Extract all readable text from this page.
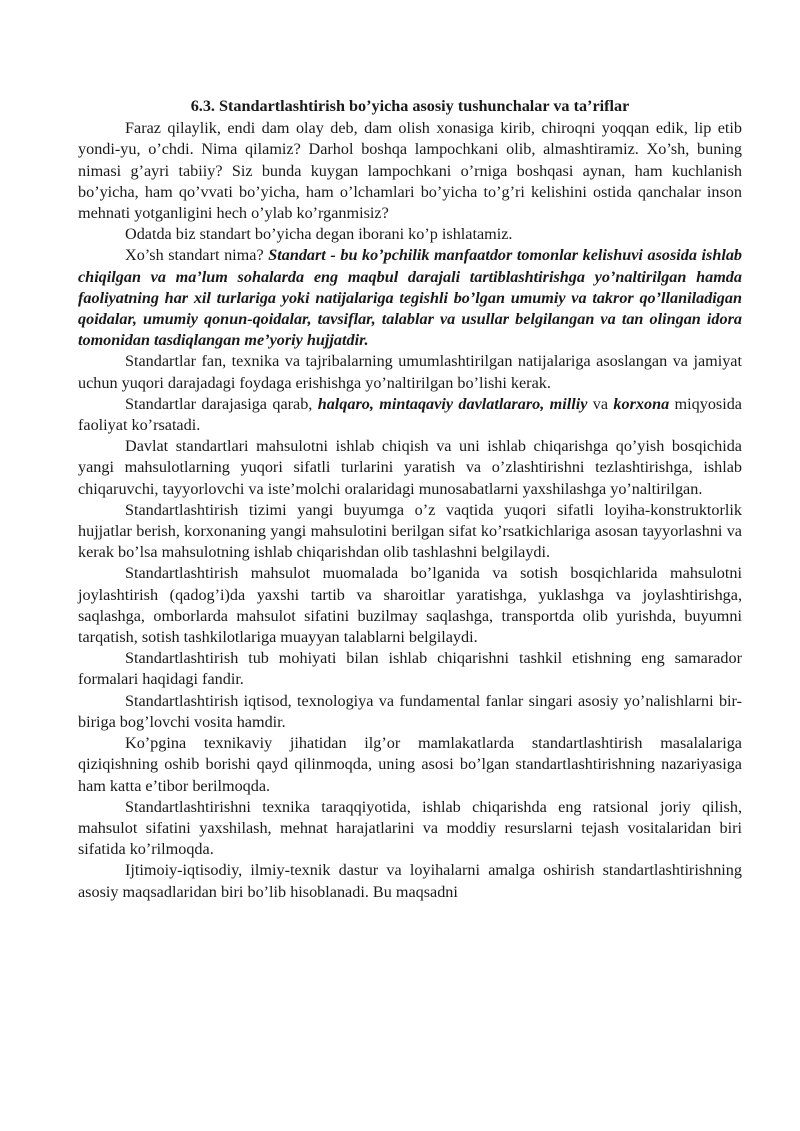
6.3. Standartlashtirish bo’yicha asosiy tushunchalar va ta’riflar

Faraz qilaylik, endi dam olay deb, dam olish xonasiga kirib, chiroqni yoqqan edik, lip etib yondi-yu, o’chdi. Nima qilamiz? Darhol boshqa lampochkani olib, almashtiramiz. Xo’sh, buning nimasi g’ayri tabiiy? Siz bunda kuygan lampochkani o’rniga boshqasi aynan, ham kuchlanish bo’yicha, ham qo’vvati bo’yicha, ham o’lchamlari bo’yicha to’g’ri kelishini ostida qanchalar inson mehnati yotganligini hech o’ylab ko’rganmisiz?

Odatda biz standart bo’yicha degan iborani ko’p ishlatamiz.

Xo’sh standart nima? Standart - bu ko’pchilik manfaatdor tomonlar kelishuvi asosida ishlab chiqilgan va ma’lum sohalarda eng maqbul darajali tartiblashtirishga yo’naltirilgan hamda faoliyatning har xil turlariga yoki natijalariga tegishli bo’lgan umumiy va takror qo’llaniladigan qoidalar, umumiy qonun-qoidalar, tavsiflar, talablar va usullar belgilangan va tan olingan idora tomonidan tasdiqlangan me’yoriy hujjatdir.

Standartlar fan, texnika va tajribalarning umumlashtirilgan natijalariga asoslangan va jamiyat uchun yuqori darajadagi foydaga erishishga yo’naltirilgan bo’lishi kerak.

Standartlar darajasiga qarab, halqaro, mintaqaviy davlatlararo, milliy va korxona miqyosida faoliyat ko’rsatadi.

Davlat standartlari mahsulotni ishlab chiqish va uni ishlab chiqarishga qo’yish bosqichida yangi mahsulotlarning yuqori sifatli turlarini yaratish va o’zlashtirishni tezlashtirishga, ishlab chiqaruvchi, tayyorlovchi va iste’molchi oralaridagi munosabatlarni yaxshilashga yo’naltirilgan.

Standartlashtirish tizimi yangi buyumga o’z vaqtida yuqori sifatli loyiha-konstruktorlik hujjatlar berish, korxonaning yangi mahsulotini berilgan sifat ko’rsatkichlariga asosan tayyorlashni va kerak bo’lsa mahsulotning ishlab chiqarishdan olib tashlashni belgilaydi.

Standartlashtirish mahsulot muomalada bo’lganida va sotish bosqichlarida mahsulotni joylashtirish (qadog’i)da yaxshi tartib va sharoitlar yaratishga, yuklashga va joylashtirishga, saqlashga, omborlarda mahsulot sifatini buzilmay saqlashga, transportda olib yurishda, buyumni tarqatish, sotish tashkilotlariga muayyan talablarni belgilaydi.

Standartlashtirish tub mohiyati bilan ishlab chiqarishni tashkil etishning eng samarador formalari haqidagi fandir.

Standartlashtirish iqtisod, texnologiya va fundamental fanlar singari asosiy yo’nalishlarni bir-biriga bog’lovchi vosita hamdir.

Ko’pgina texnikaviy jihatidan ilg’or mamlakatlarda standartlashtirish masalalariga qiziqishning oshib borishi qayd qilinmoqda, uning asosi bo’lgan standartlashtirishning nazariyasiga ham katta e’tibor berilmoqda.

Standartlashtirishni texnika taraqqiyotida, ishlab chiqarishda eng ratsional joriy qilish, mahsulot sifatini yaxshilash, mehnat harajatlarini va moddiy resurslarni tejash vositalaridan biri sifatida ko’rilmoqda.

Ijtimoiy-iqtisodiy, ilmiy-texnik dastur va loyihalarni amalga oshirish standartlashtirishning asosiy maqsadlaridan biri bo’lib hisoblanadi. Bu maqsadni
